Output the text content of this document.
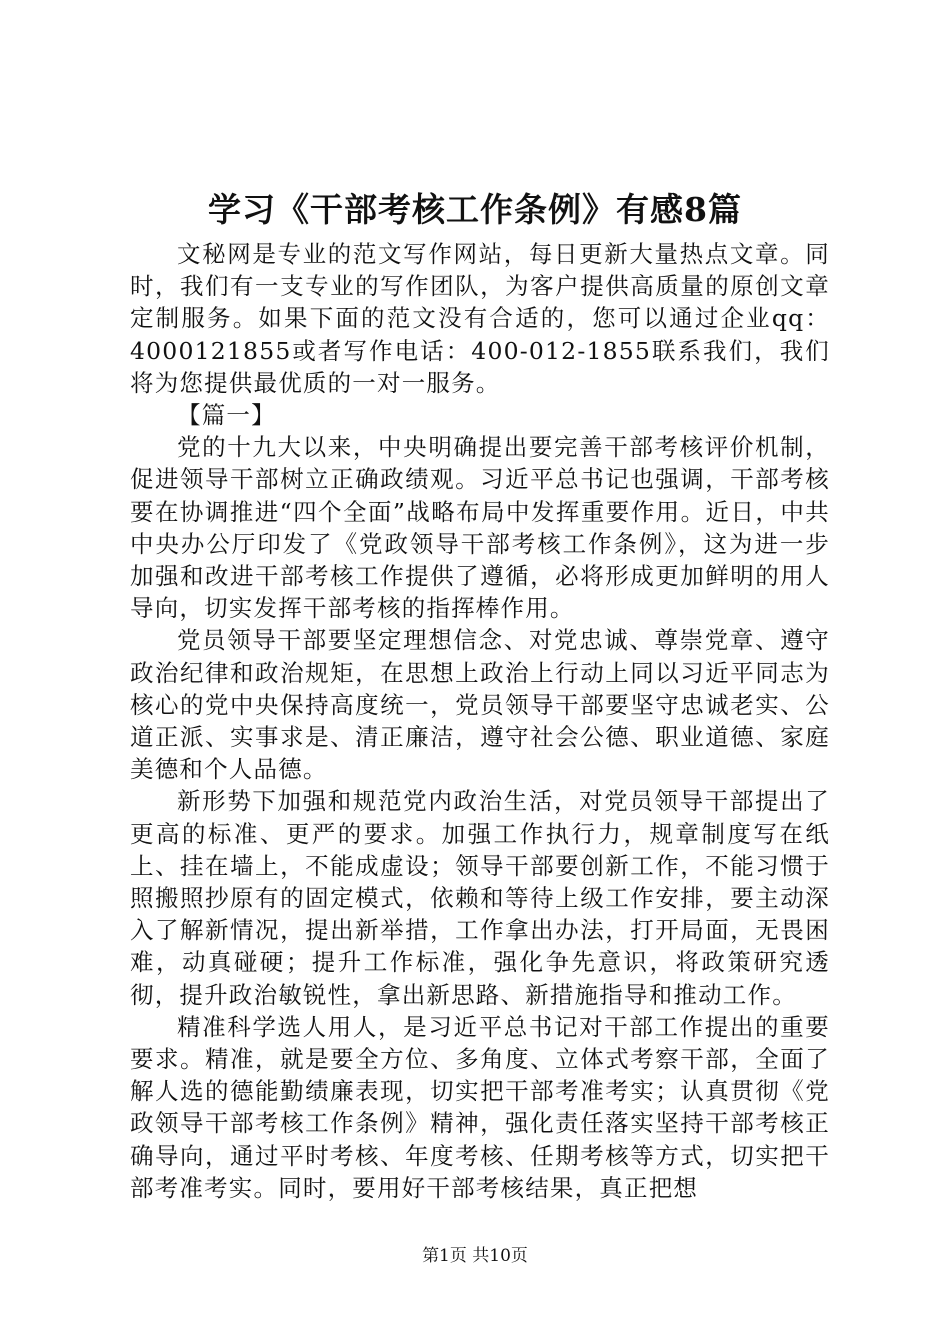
学习《干部考核工作条例》有感8篇

文秘网是专业的范文写作网站，每日更新大量热点文章。同时，我们有一支专业的写作团队，为客户提供高质量的原创文章定制服务。如果下面的范文没有合适的，您可以通过企业qq：4000121855或者写作电话：400-012-1855联系我们，我们将为您提供最优质的一对一服务。

【篇一】

党的十九大以来，中央明确提出要完善干部考核评价机制，促进领导干部树立正确政绩观。习近平总书记也强调，干部考核要在协调推进“四个全面”战略布局中发挥重要作用。近日，中共中央办公厅印发了《党政领导干部考核工作条例》，这为进一步加强和改进干部考核工作提供了遵循，必将形成更加鲜明的用人导向，切实发挥干部考核的指挥棒作用。

党员领导干部要坚定理想信念、对党忠诚、尊崇党章、遵守政治纪律和政治规矩，在思想上政治上行动上同以习近平同志为核心的党中央保持高度统一，党员领导干部要坚守忠诚老实、公道正派、实事求是、清正廉洁，遵守社会公德、职业道德、家庭美德和个人品德。

新形势下加强和规范党内政治生活，对党员领导干部提出了更高的标准、更严的要求。加强工作执行力，规章制度写在纸上、挂在墙上，不能成虚设；领导干部要创新工作，不能习惯于照搬照抄原有的固定模式，依赖和等待上级工作安排，要主动深入了解新情况，提出新举措，工作拿出办法，打开局面，无畏困难，动真碰硬；提升工作标准，强化争先意识，将政策研究透彻，提升政治敏锐性，拿出新思路、新措施指导和推动工作。

精准科学选人用人，是习近平总书记对干部工作提出的重要要求。精准，就是要全方位、多角度、立体式考察干部，全面了解人选的德能勤绩廉表现，切实把干部考准考实；认真贯彻《党政领导干部考核工作条例》精神，强化责任落实坚持干部考核正确导向，通过平时考核、年度考核、任期考核等方式，切实把干部考准考实。同时，要用好干部考核结果，真正把想

第1页 共10页
